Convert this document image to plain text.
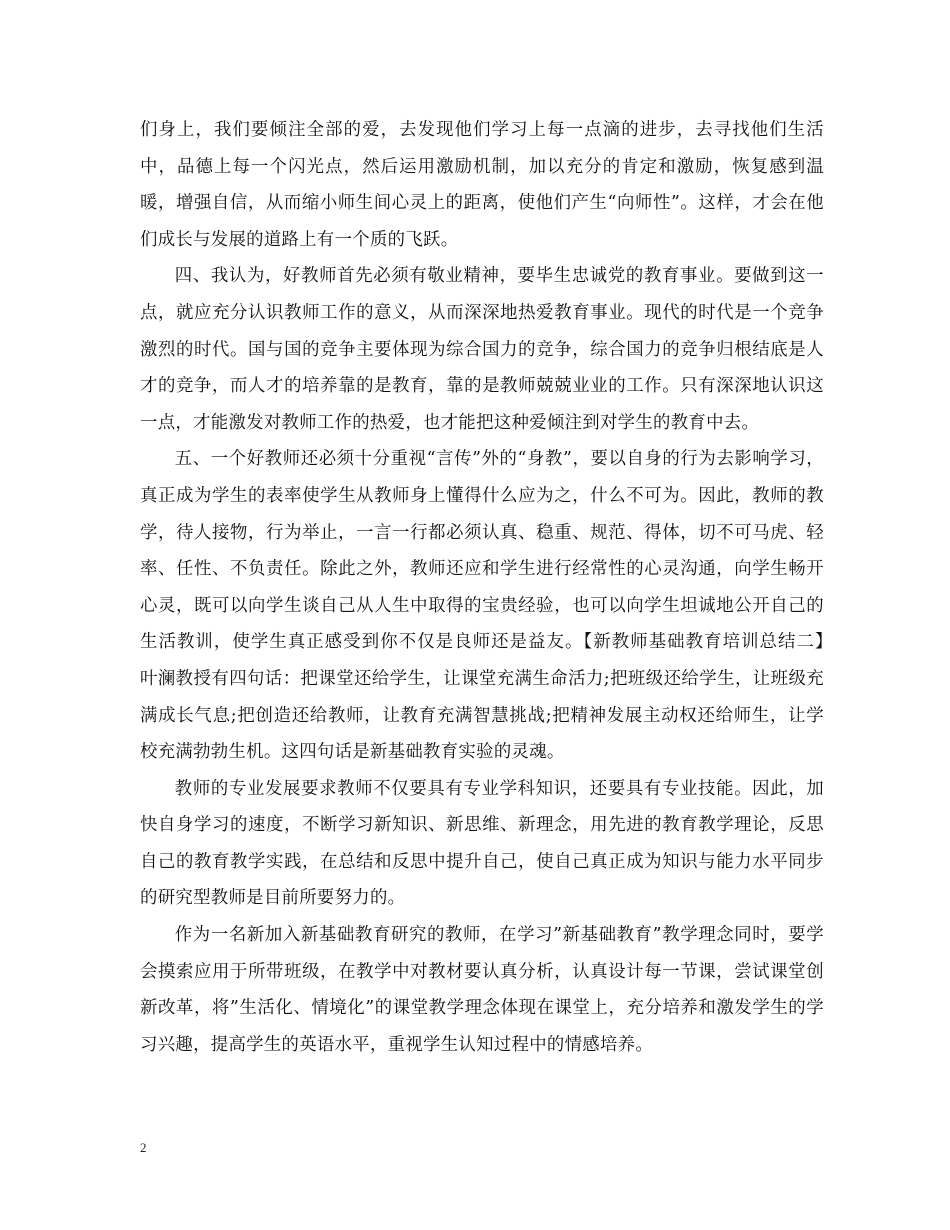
们身上，我们要倾注全部的爱，去发现他们学习上每一点滴的进步，去寻找他们生活中，品德上每一个闪光点，然后运用激励机制，加以充分的肯定和激励，恢复感到温暖，增强自信，从而缩小师生间心灵上的距离，使他们产生“向师性”。这样，才会在他们成长与发展的道路上有一个质的飞跃。

四、我认为，好教师首先必须有敬业精神，要毕生忠诚党的教育事业。要做到这一点，就应充分认识教师工作的意义，从而深深地热爱教育事业。现代的时代是一个竞争激烈的时代。国与国的竞争主要体现为综合国力的竞争，综合国力的竞争归根结底是人才的竞争，而人才的培养靠的是教育，靠的是教师兢兢业业的工作。只有深深地认识这一点，才能激发对教师工作的热爱，也才能把这种爱倾注到对学生的教育中去。

五、一个好教师还必须十分重视“言传”外的“身教”，要以自身的行为去影响学习，真正成为学生的表率使学生从教师身上懂得什么应为之，什么不可为。因此，教师的教学，待人接物，行为举止，一言一行都必须认真、稳重、规范、得体，切不可马虎、轻率、任性、不负责任。除此之外，教师还应和学生进行经常性的心灵沟通，向学生畅开心灵，既可以向学生谈自己从人生中取得的宝贵经验，也可以向学生坦诚地公开自己的生活教训，使学生真正感受到你不仅是良师还是益友。【新教师基础教育培训总结二】　　叶澜教授有四句话：把课堂还给学生，让课堂充满生命活力;把班级还给学生，让班级充满成长气息;把创造还给教师，让教育充满智慧挑战;把精神发展主动权还给师生，让学校充满勃勃生机。这四句话是新基础教育实验的灵魂。

教师的专业发展要求教师不仅要具有专业学科知识，还要具有专业技能。因此，加快自身学习的速度，不断学习新知识、新思维、新理念，用先进的教育教学理论，反思自己的教育教学实践，在总结和反思中提升自己，使自己真正成为知识与能力水平同步的研究型教师是目前所要努力的。

作为一名新加入新基础教育研究的教师，在学习”新基础教育”教学理念同时，要学会摸索应用于所带班级，在教学中对教材要认真分析，认真设计每一节课，尝试课堂创新改革，将”生活化、情境化”的课堂教学理念体现在课堂上，充分培养和激发学生的学习兴趣，提高学生的英语水平，重视学生认知过程中的情感培养。

2
